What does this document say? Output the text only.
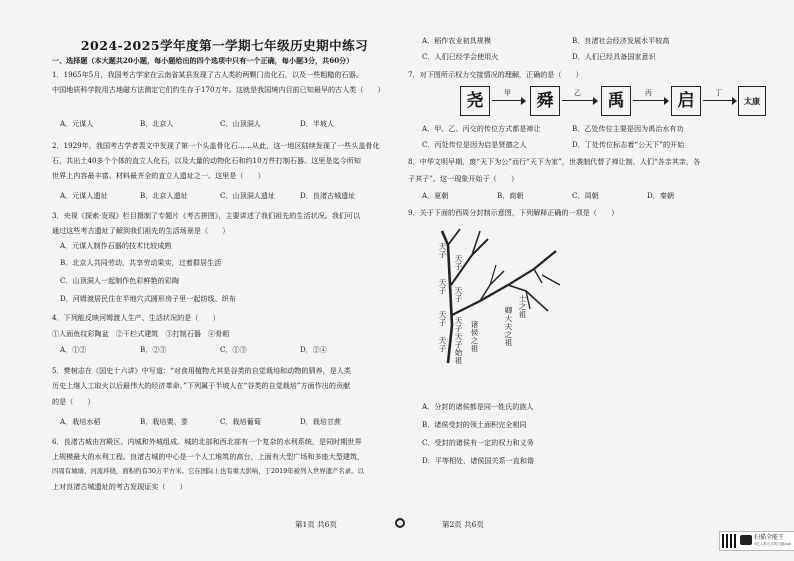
2024-2025学年度第一学期七年级历史期中练习
一、选择题（本大题共20小题，每小题给出的四个选项中只有一个正确，每小题3分，共60分）
1．1965年5月，我国考古学家在云南省某县发现了古人类的两颗门齿化石，以及一些粗糙的石器。
中国地质科学院用古地磁方法测定它们约生存于170万年。这就是我国境内目前已知最早的古人类（　　）
A．元谋人	B．北京人	C．山顶洞人	D．半坡人
2．1929年，我国考古学者裴文中发现了第一个头盖骨化石……从此，这一地区陆续发现了一些头盖骨化
石，共出土40多个个体的直立人化石，以及大量的动物化石和约10万件打制石器。这里是迄今所知
世界上内容最丰富、材料最齐全的直立人遗址之一。这里是（　　）
A．元谋人遗址	B．北京人遗址	C．山顶洞人遗址	D．良渚古城遗址
3．央视《探索·发现》栏目摄制了专题片《考古拼图》，主要讲述了我们祖先的生活状况。我们可以
通过这些考古遗址了解到我们祖先的生活场景是（　　）
A．元谋人制作石器的技术比较成熟
B．北京人共同劳动，共享劳动果实，过着群居生活
C．山顶洞人一起制作色彩鲜艳的彩陶
D．河姆渡居民住在半地穴式圆形房子里一起纺线、织布
4．下列能反映河姆渡人生产、生活状况的是（　　）
①人面鱼纹彩陶盆　②干栏式建筑　③打制石器　④骨耜
A．①②	B．②③	C．①③	D．②④
5．樊树志在《国史十六讲》中写道：“对食用植物尤其是谷类的自觉栽培和动物的驯养，是人类
历史上继人工取火以后最伟大的经济革命。”下列属于半坡人在“谷类的自觉栽培”方面作出的贡献
的是（　　）
A．栽培水稻	B．栽培粟、黍	C．栽培葡萄	D．栽培甘蔗
6．良渚古城由宫殿区、内城和外城组成。城的北部和西北部有一个复杂的水利系统，是同时期世界
上规模最大的水利工程。良渚古城的中心是一个人工堆筑的高台，上面有大型广场和多座大型建筑，
四周有城墙、河流环绕，面积约有30万平方米。它在国际上也有重大影响，于2019年被列入世界遗产名录。以
上对良渚古城遗址的考古发现证实（　　）
第1页 共6页
A．稻作农业初具规模	B．良渚社会经济发展水平较高
C．人们已经学会使用火	D．人们已经具备国家意识
7．对下图所示权力交接情况的理解，正确的是（　　）
A．甲、乙、丙交的传位方式都是禅让	B．乙处传位主要是因为禹治水有功
C．丙处传位是因为启是贤德之人	D．丁处传位标志着“公天下”的开始
8．中华文明早期，废“天下为公”而行“天下为家”，世袭制代替了禅让制，人们“各亲其亲，各
子其子”。这一现象开始于（　　）
A．夏朝	B．商朝	C．周朝	D．秦朝
9．关于下面的西周分封制示意图，下列解释正确的一项是（　　）
A．分封的诸侯都是同一姓氏的族人
B．诸侯受封的领土面积完全相同
C．受封的诸侯有一定的权力和义务
D．平等相处，诸侯国关系一直和谐
第2页 共6页
尧	甲	舜	乙	禹	丙	启	丁
太康
天子 天子
天子 天子
天子 天子
天子
天子始祖
诸侯之祖
卿大夫之祖
士之祖
扫描全能王
3亿人都在用的扫描App
